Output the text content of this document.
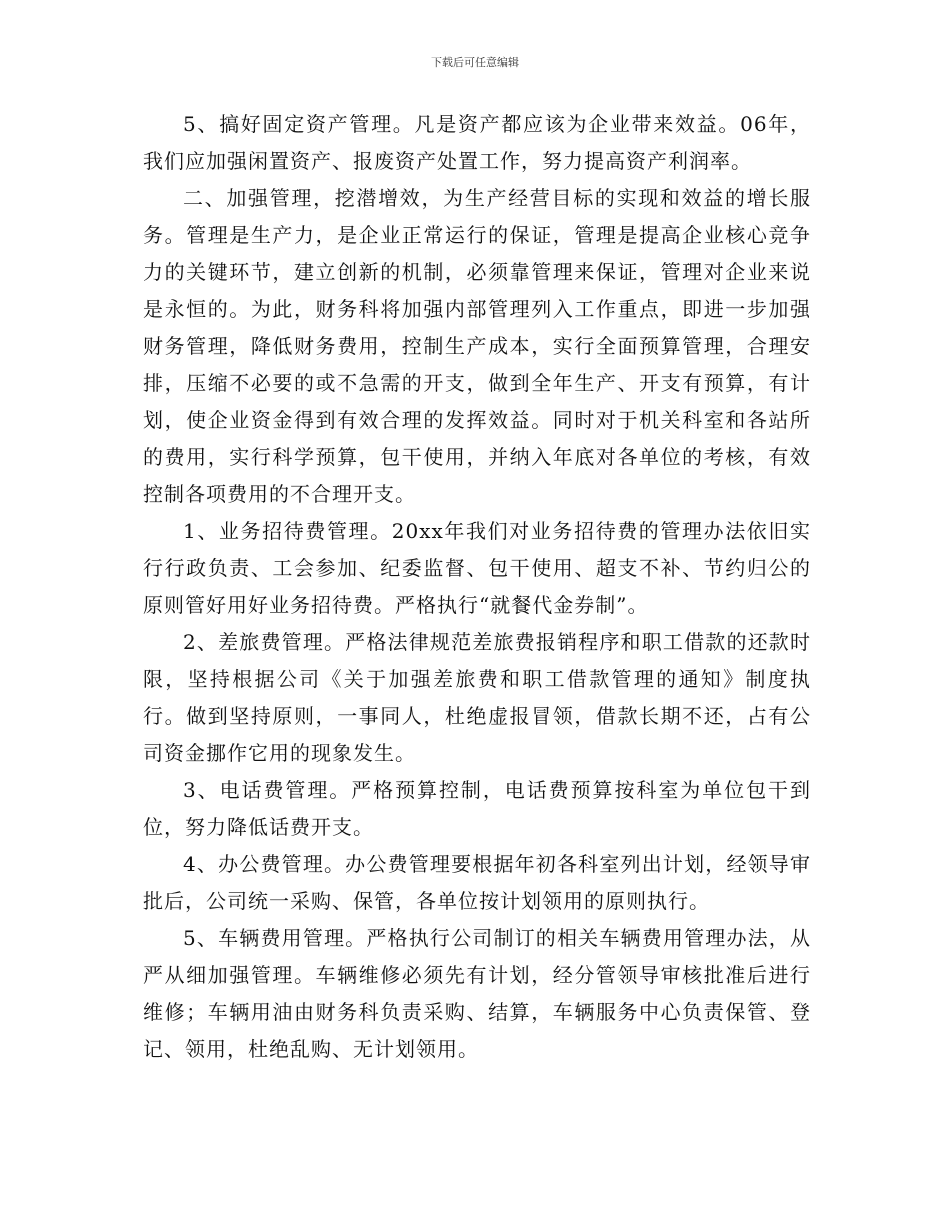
下载后可任意编辑

5、搞好固定资产管理。凡是资产都应该为企业带来效益。06年，我们应加强闲置资产、报废资产处置工作，努力提高资产利润率。

二、加强管理，挖潜增效，为生产经营目标的实现和效益的增长服务。管理是生产力，是企业正常运行的保证，管理是提高企业核心竞争力的关键环节，建立创新的机制，必须靠管理来保证，管理对企业来说是永恒的。为此，财务科将加强内部管理列入工作重点，即进一步加强财务管理，降低财务费用，控制生产成本，实行全面预算管理，合理安排，压缩不必要的或不急需的开支，做到全年生产、开支有预算，有计划，使企业资金得到有效合理的发挥效益。同时对于机关科室和各站所的费用，实行科学预算，包干使用，并纳入年底对各单位的考核，有效控制各项费用的不合理开支。

1、业务招待费管理。20xx年我们对业务招待费的管理办法依旧实行行政负责、工会参加、纪委监督、包干使用、超支不补、节约归公的原则管好用好业务招待费。严格执行“就餐代金券制”。

2、差旅费管理。严格法律规范差旅费报销程序和职工借款的还款时限，坚持根据公司《关于加强差旅费和职工借款管理的通知》制度执行。做到坚持原则，一事同人，杜绝虚报冒领，借款长期不还，占有公司资金挪作它用的现象发生。

3、电话费管理。严格预算控制，电话费预算按科室为单位包干到位，努力降低话费开支。

4、办公费管理。办公费管理要根据年初各科室列出计划，经领导审批后，公司统一采购、保管，各单位按计划领用的原则执行。

5、车辆费用管理。严格执行公司制订的相关车辆费用管理办法，从严从细加强管理。车辆维修必须先有计划，经分管领导审核批准后进行维修；车辆用油由财务科负责采购、结算，车辆服务中心负责保管、登记、领用，杜绝乱购、无计划领用。
